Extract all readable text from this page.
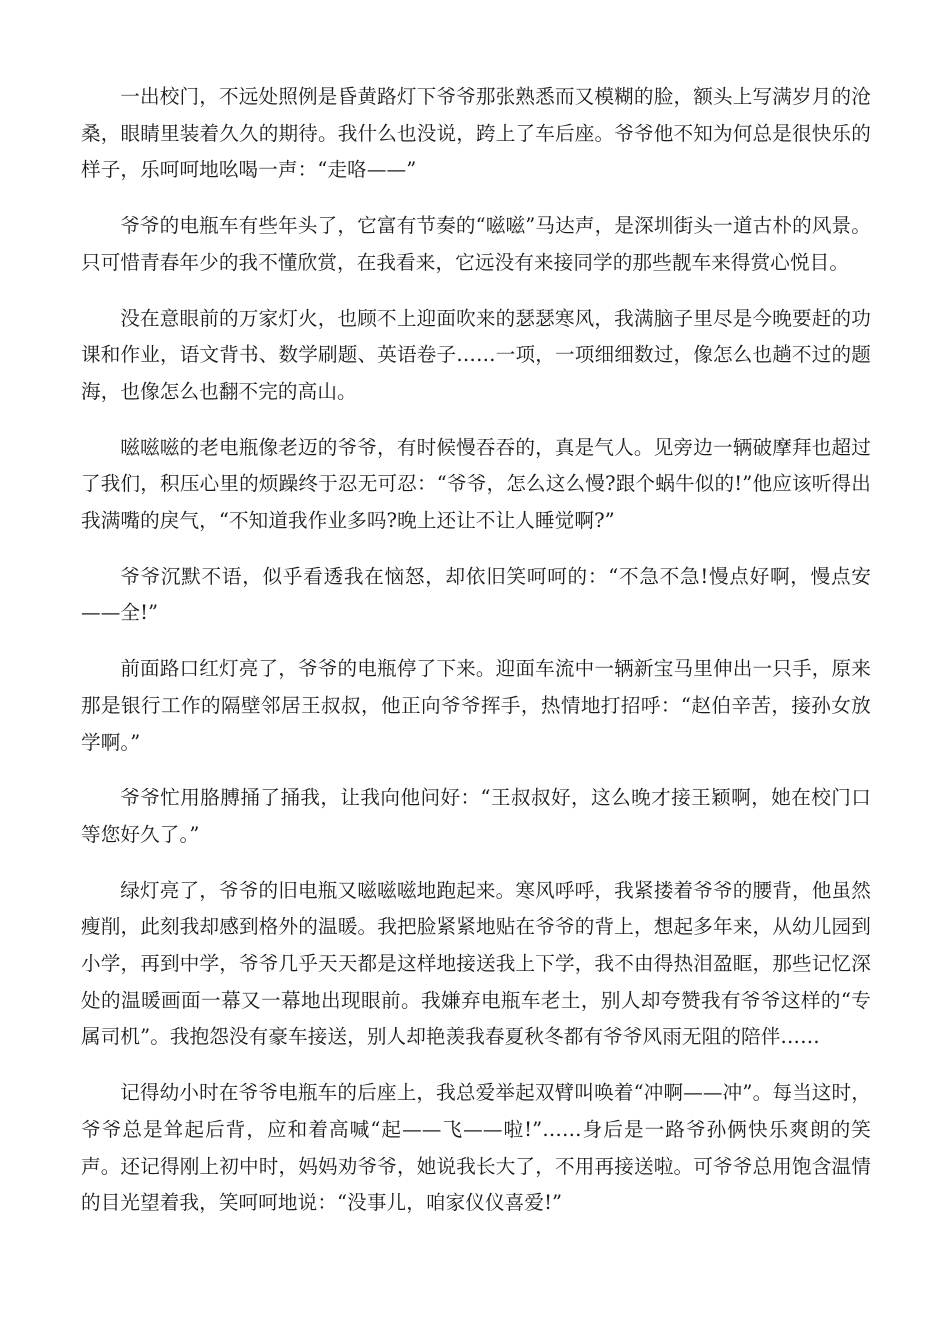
一出校门，不远处照例是昏黄路灯下爷爷那张熟悉而又模糊的脸，额头上写满岁月的沧桑，眼睛里装着久久的期待。我什么也没说，跨上了车后座。爷爷他不知为何总是很快乐的样子，乐呵呵地吆喝一声：“走咯——”

爷爷的电瓶车有些年头了，它富有节奏的“嗞嗞”马达声，是深圳街头一道古朴的风景。只可惜青春年少的我不懂欣赏，在我看来，它远没有来接同学的那些靓车来得赏心悦目。

没在意眼前的万家灯火，也顾不上迎面吹来的瑟瑟寒风，我满脑子里尽是今晚要赶的功课和作业，语文背书、数学刷题、英语卷子……一项，一项细细数过，像怎么也趟不过的题海，也像怎么也翻不完的高山。

嗞嗞嗞的老电瓶像老迈的爷爷，有时候慢吞吞的，真是气人。见旁边一辆破摩拜也超过了我们，积压心里的烦躁终于忍无可忍：“爷爷，怎么这么慢?跟个蜗牛似的!”他应该听得出我满嘴的戾气，“不知道我作业多吗?晚上还让不让人睡觉啊?”

爷爷沉默不语，似乎看透我在恼怒，却依旧笑呵呵的：“不急不急!慢点好啊，慢点安——全!”

前面路口红灯亮了，爷爷的电瓶停了下来。迎面车流中一辆新宝马里伸出一只手，原来那是银行工作的隔壁邻居王叔叔，他正向爷爷挥手，热情地打招呼：“赵伯辛苦，接孙女放学啊。”

爷爷忙用胳膊捅了捅我，让我向他问好：“王叔叔好，这么晚才接王颖啊，她在校门口等您好久了。”

绿灯亮了，爷爷的旧电瓶又嗞嗞嗞地跑起来。寒风呼呼，我紧搂着爷爷的腰背，他虽然瘦削，此刻我却感到格外的温暖。我把脸紧紧地贴在爷爷的背上，想起多年来，从幼儿园到小学，再到中学，爷爷几乎天天都是这样地接送我上下学，我不由得热泪盈眶，那些记忆深处的温暖画面一幕又一幕地出现眼前。我嫌弃电瓶车老土，别人却夸赞我有爷爷这样的“专属司机”。我抱怨没有豪车接送，别人却艳羡我春夏秋冬都有爷爷风雨无阻的陪伴……

记得幼小时在爷爷电瓶车的后座上，我总爱举起双臂叫唤着“冲啊——冲”。每当这时，爷爷总是耸起后背，应和着高喊“起——飞——啦!”……身后是一路爷孙俩快乐爽朗的笑声。还记得刚上初中时，妈妈劝爷爷，她说我长大了，不用再接送啦。可爷爷总用饱含温情的目光望着我，笑呵呵地说：“没事儿，咱家仪仪喜爱!”
